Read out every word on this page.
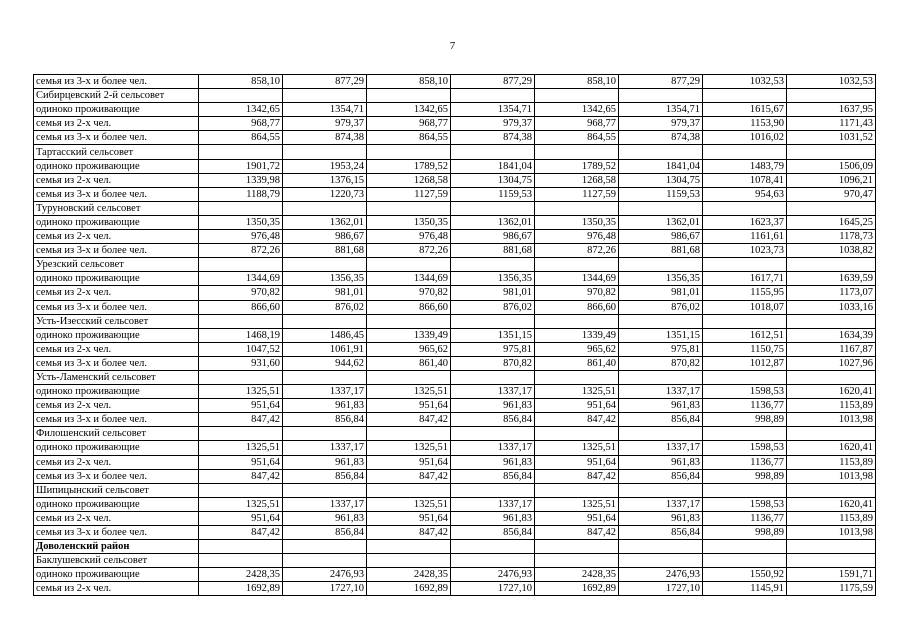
7
семья из 3-х и более чел.	858,10	877,29	858,10	877,29	858,10	877,29	1032,53	1032,53
Сибирцевский 2-й сельсовет								
одиноко проживающие	1342,65	1354,71	1342,65	1354,71	1342,65	1354,71	1615,67	1637,95
семья из 2-х чел.	968,77	979,37	968,77	979,37	968,77	979,37	1153,90	1171,43
семья из 3-х и более чел.	864,55	874,38	864,55	874,38	864,55	874,38	1016,02	1031,52
Тартасский сельсовет								
одиноко проживающие	1901,72	1953,24	1789,52	1841,04	1789,52	1841,04	1483,79	1506,09
семья из 2-х чел.	1339,98	1376,15	1268,58	1304,75	1268,58	1304,75	1078,41	1096,21
семья из 3-х и более чел.	1188,79	1220,73	1127,59	1159,53	1127,59	1159,53	954,63	970,47
Туруновский сельсовет								
одиноко проживающие	1350,35	1362,01	1350,35	1362,01	1350,35	1362,01	1623,37	1645,25
семья из 2-х чел.	976,48	986,67	976,48	986,67	976,48	986,67	1161,61	1178,73
семья из 3-х и более чел.	872,26	881,68	872,26	881,68	872,26	881,68	1023,73	1038,82
Урезский сельсовет								
одиноко проживающие	1344,69	1356,35	1344,69	1356,35	1344,69	1356,35	1617,71	1639,59
семья из 2-х чел.	970,82	981,01	970,82	981,01	970,82	981,01	1155,95	1173,07
семья из 3-х и более чел.	866,60	876,02	866,60	876,02	866,60	876,02	1018,07	1033,16
Усть-Изесский сельсовет								
одиноко проживающие	1468,19	1486,45	1339,49	1351,15	1339,49	1351,15	1612,51	1634,39
семья из 2-х чел.	1047,52	1061,91	965,62	975,81	965,62	975,81	1150,75	1167,87
семья из 3-х и более чел.	931,60	944,62	861,40	870,82	861,40	870,82	1012,87	1027,96
Усть-Ламенский сельсовет								
одиноко проживающие	1325,51	1337,17	1325,51	1337,17	1325,51	1337,17	1598,53	1620,41
семья из 2-х чел.	951,64	961,83	951,64	961,83	951,64	961,83	1136,77	1153,89
семья из 3-х и более чел.	847,42	856,84	847,42	856,84	847,42	856,84	998,89	1013,98
Филошенский сельсовет								
одиноко проживающие	1325,51	1337,17	1325,51	1337,17	1325,51	1337,17	1598,53	1620,41
семья из 2-х чел.	951,64	961,83	951,64	961,83	951,64	961,83	1136,77	1153,89
семья из 3-х и более чел.	847,42	856,84	847,42	856,84	847,42	856,84	998,89	1013,98
Шипицынский сельсовет								
одиноко проживающие	1325,51	1337,17	1325,51	1337,17	1325,51	1337,17	1598,53	1620,41
семья из 2-х чел.	951,64	961,83	951,64	961,83	951,64	961,83	1136,77	1153,89
семья из 3-х и более чел.	847,42	856,84	847,42	856,84	847,42	856,84	998,89	1013,98
Доволенский район								
Баклушевский сельсовет								
одиноко проживающие	2428,35	2476,93	2428,35	2476,93	2428,35	2476,93	1550,92	1591,71
семья из 2-х чел.	1692,89	1727,10	1692,89	1727,10	1692,89	1727,10	1145,91	1175,59
